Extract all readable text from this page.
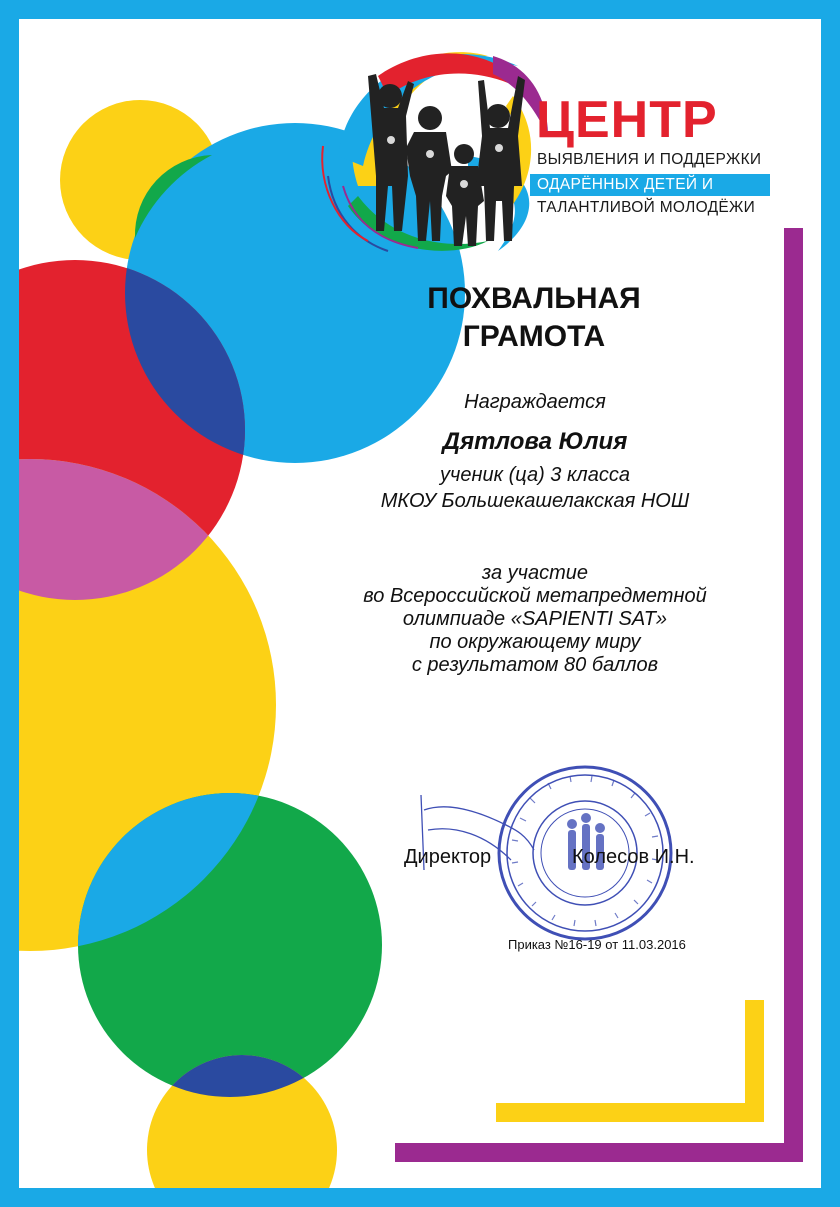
ЦЕНТР
ВЫЯВЛЕНИЯ И ПОДДЕРЖКИ
ОДАРЁННЫХ ДЕТЕЙ И
ТАЛАНТЛИВОЙ МОЛОДЁЖИ
ПОХВАЛЬНАЯ
ГРАМОТА
Награждается
Дятлова Юлия
ученик (ца) 3 класса
МКОУ Большекашелакская НОШ
за участие
во Всероссийской метапредметной
олимпиаде «SAPIENTI SAT»
по окружающему миру
с результатом 80 баллов
Директор	Колесов И.Н.
Приказ №16-19 от 11.03.2016
